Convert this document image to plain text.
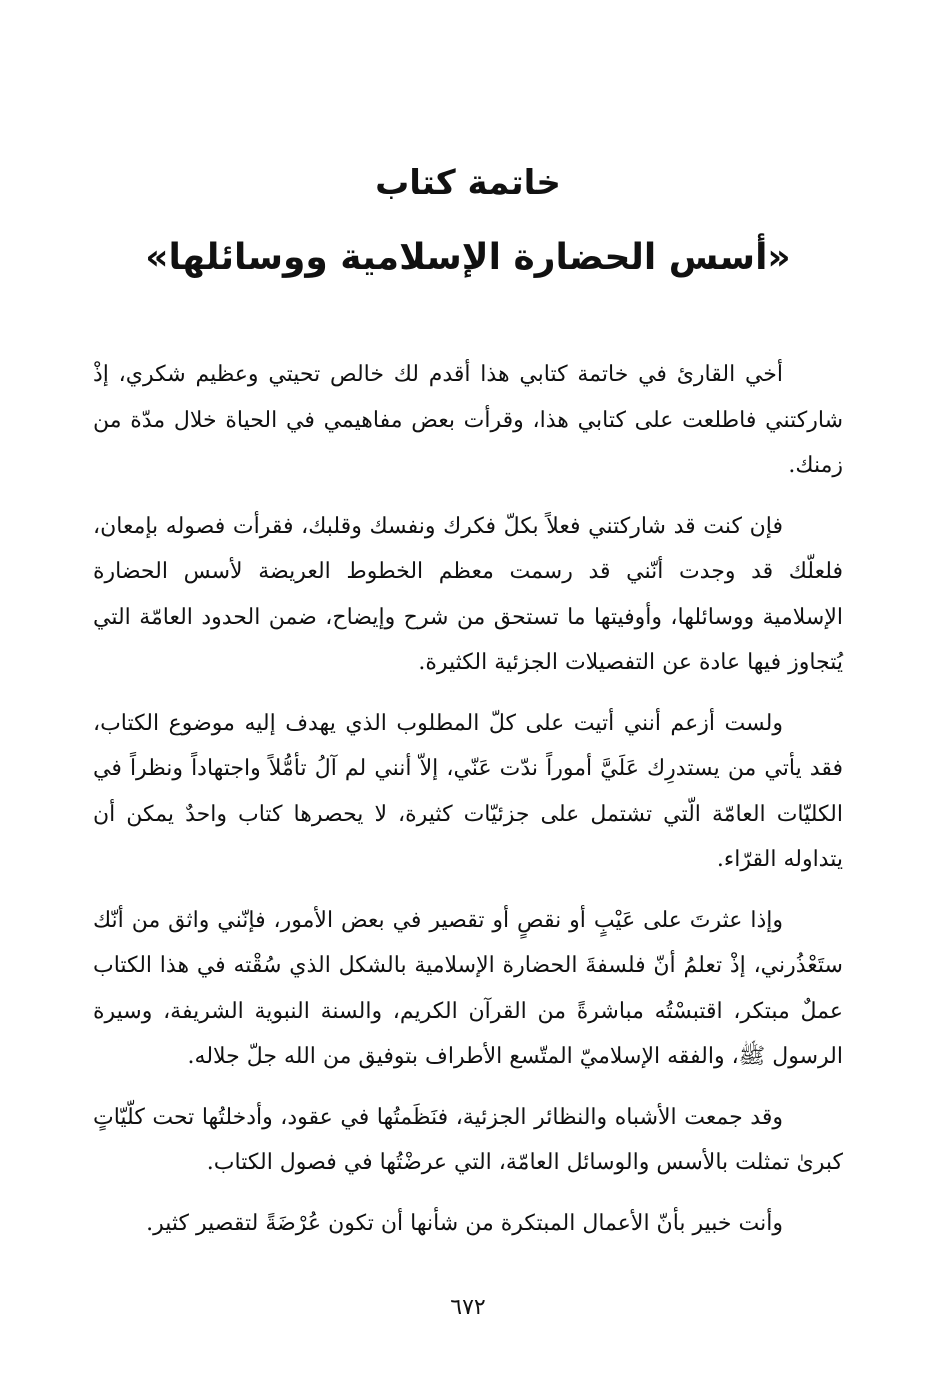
خاتمة كتاب
«أسس الحضارة الإسلامية ووسائلها»

أخي القارئ في خاتمة كتابي هذا أقدم لك خالص تحيتي وعظيم شكري، إذْ شاركتني فاطلعت على كتابي هذا، وقرأت بعض مفاهيمي في الحياة خلال مدّة من زمنك.

فإن كنت قد شاركتني فعلاً بكلّ فكرك ونفسك وقلبك، فقرأت فصوله بإمعان، فلعلّك قد وجدت أنّني قد رسمت معظم الخطوط العريضة لأسس الحضارة الإسلامية ووسائلها، وأوفيتها ما تستحق من شرح وإيضاح، ضمن الحدود العامّة التي يُتجاوز فيها عادة عن التفصيلات الجزئية الكثيرة.

ولست أزعم أنني أتيت على كلّ المطلوب الذي يهدف إليه موضوع الكتاب، فقد يأتي من يستدرِك عَلَيَّ أموراً ندّت عَنّي، إلاّ أنني لم آلُ تأمُّلاً واجتهاداً ونظراً في الكليّات العامّة الّتي تشتمل على جزئيّات كثيرة، لا يحصرها كتاب واحدٌ يمكن أن يتداوله القرّاء.

وإذا عثرتَ على عَيْبٍ أو نقصٍ أو تقصير في بعض الأمور، فإنّني واثق من أنّك ستَعْذُرني، إذْ تعلمُ أنّ فلسفةَ الحضارة الإسلامية بالشكل الذي سُقْته في هذا الكتاب عملٌ مبتكر، اقتبسْتُه مباشرةً من القرآن الكريم، والسنة النبوية الشريفة، وسيرة الرسول ﷺ، والفقه الإسلاميّ المتّسع الأطراف بتوفيق من الله جلّ جلاله.

وقد جمعت الأشباه والنظائر الجزئية، فنَظَمتُها في عقود، وأدخلتُها تحت كلّيّاتٍ كبرىٰ تمثلت بالأسس والوسائل العامّة، التي عرضْتُها في فصول الكتاب.

وأنت خبير بأنّ الأعمال المبتكرة من شأنها أن تكون عُرْضَةً لتقصير كثير.

٦٧٢
